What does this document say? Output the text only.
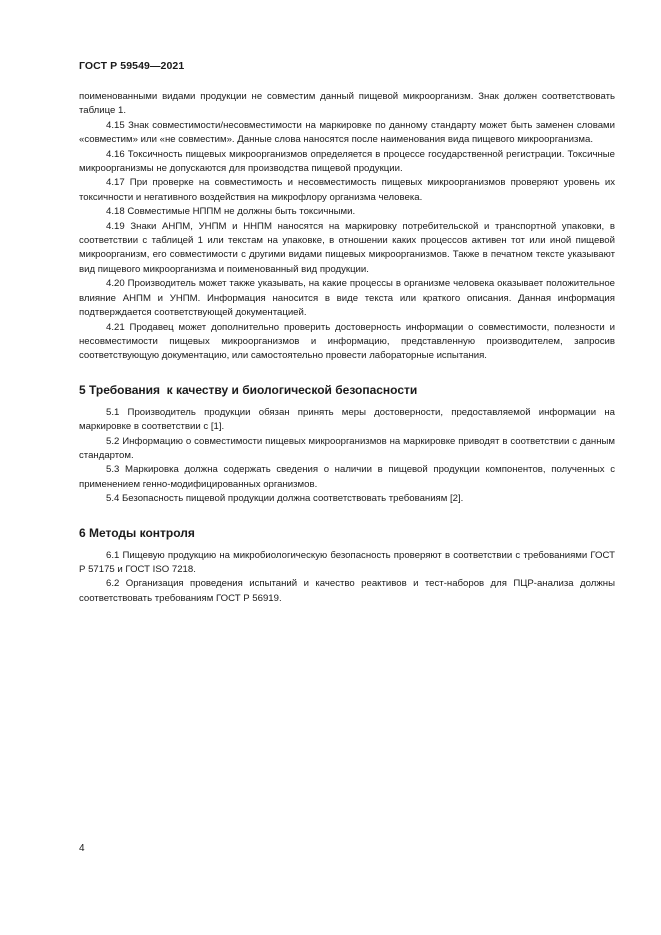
ГОСТ Р 59549—2021

поименованными видами продукции не совместим данный пищевой микроорганизм. Знак должен соответствовать таблице 1.

4.15 Знак совместимости/несовместимости на маркировке по данному стандарту может быть заменен словами «совместим» или «не совместим». Данные слова наносятся после наименования вида пищевого микроорганизма.

4.16 Токсичность пищевых микроорганизмов определяется в процессе государственной регистрации. Токсичные микроорганизмы не допускаются для производства пищевой продукции.

4.17 При проверке на совместимость и несовместимость пищевых микроорганизмов проверяют уровень их токсичности и негативного воздействия на микрофлору организма человека.

4.18 Совместимые НППМ не должны быть токсичными.

4.19 Знаки АНПМ, УНПМ и ННПМ наносятся на маркировку потребительской и транспортной упаковки, в соответствии с таблицей 1 или текстам на упаковке, в отношении каких процессов активен тот или иной пищевой микроорганизм, его совместимости с другими видами пищевых микроорганизмов. Также в печатном тексте указывают вид пищевого микроорганизма и поименованный вид продукции.

4.20 Производитель может также указывать, на какие процессы в организме человека оказывает положительное влияние АНПМ и УНПМ. Информация наносится в виде текста или краткого описания. Данная информация подтверждается соответствующей документацией.

4.21 Продавец может дополнительно проверить достоверность информации о совместимости, полезности и несовместимости пищевых микроорганизмов и информацию, представленную производителем, запросив соответствующую документацию, или самостоятельно провести лабораторные испытания.

5 Требования  к качеству и биологической безопасности

5.1 Производитель продукции обязан принять меры достоверности, предоставляемой информации на маркировке в соответствии с [1].

5.2 Информацию о совместимости пищевых микроорганизмов на маркировке приводят в соответствии с данным стандартом.

5.3 Маркировка должна содержать сведения о наличии в пищевой продукции компонентов, полученных с применением генно-модифицированных организмов.

5.4 Безопасность пищевой продукции должна соответствовать требованиям [2].

6 Методы контроля

6.1 Пищевую продукцию на микробиологическую безопасность проверяют в соответствии с требованиями ГОСТ Р 57175 и ГОСТ ISO 7218.

6.2 Организация проведения испытаний и качество реактивов и тест-наборов для ПЦР-анализа должны соответствовать требованиям ГОСТ Р 56919.

4
